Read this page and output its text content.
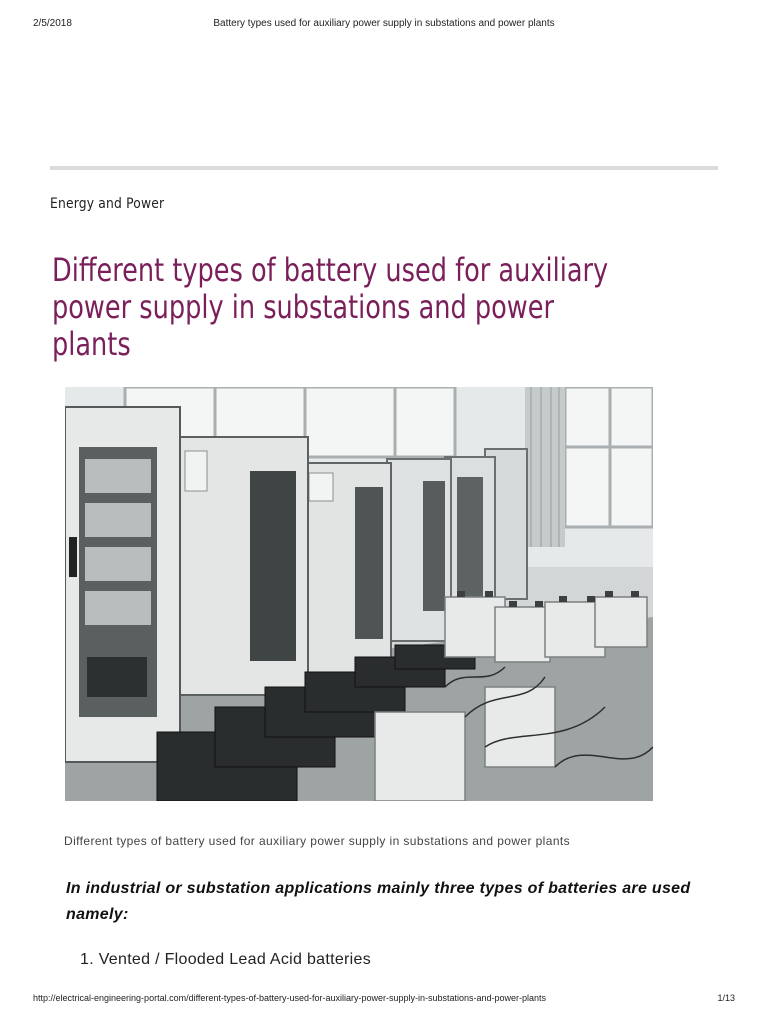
2/5/2018	Battery types used for auxiliary power supply in substations and power plants
Energy and Power
Different types of battery used for auxiliary
power supply in substations and power plants
Different types of battery used for auxiliary power supply in substations and power plants

In industrial or substation applications mainly three types of batteries are used namely:

1. Vented / Flooded Lead Acid batteries
http://electrical-engineering-portal.com/different-types-of-battery-used-for-auxiliary-power-supply-in-substations-and-power-plants	1/13
